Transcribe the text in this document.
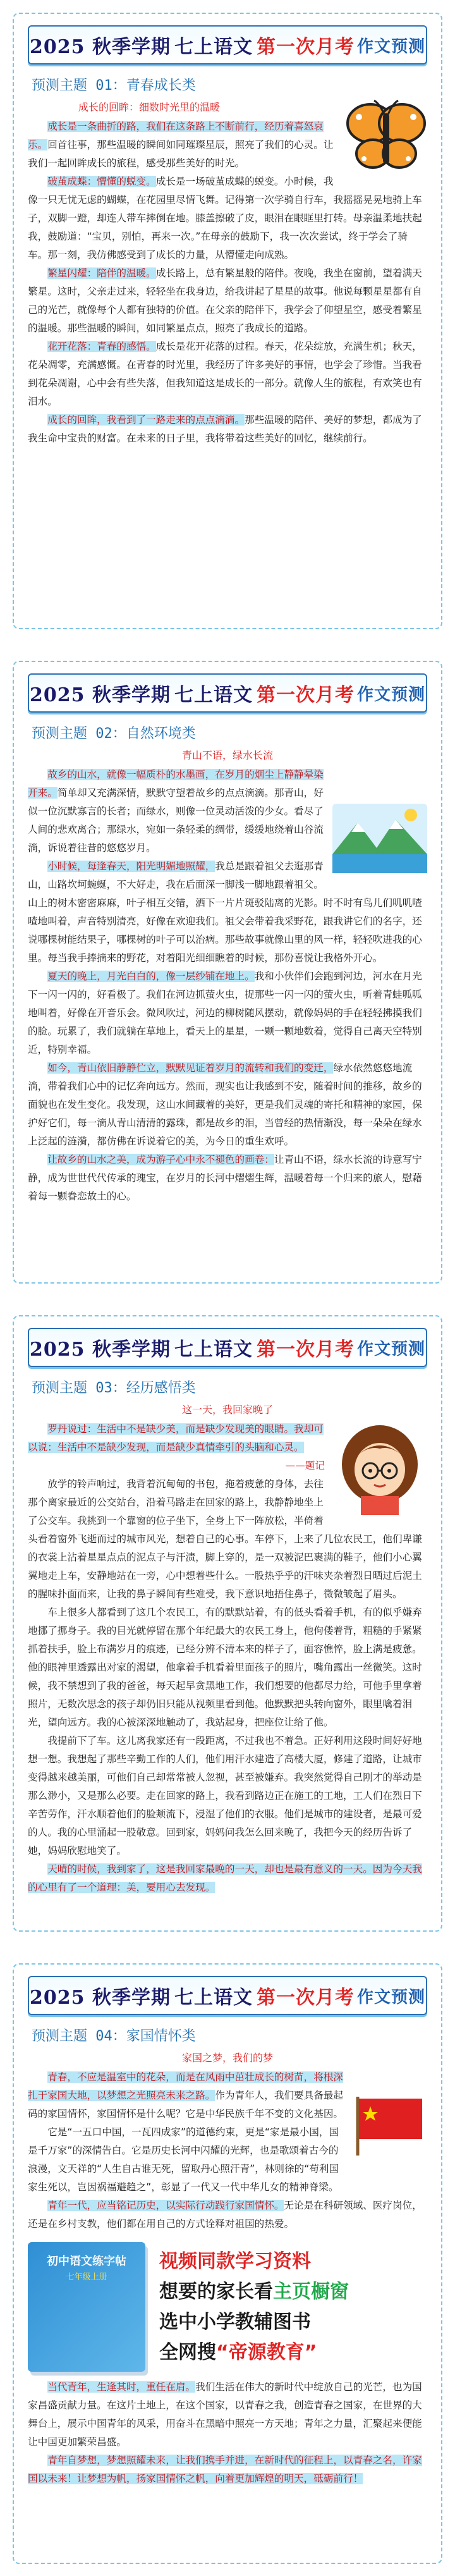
2025 秋季学期 七上语文 第一次月考 作文预测
预测主题 01：青春成长类
成长的回眸：细数时光里的温暖

成长是一条曲折的路，我们在这条路上不断前行，经历着喜怒哀乐。回首往事，那些温暖的瞬间如同璀璨星辰，照亮了我们的心灵。让我们一起回眸成长的旅程，感受那些美好的时光。

破茧成蝶：懵懂的蜕变。成长是一场破茧成蝶的蜕变。小时候，我像一只无忧无虑的蝴蝶，在花园里尽情飞舞。记得第一次学骑自行车，我摇摇晃晃地骑上车子，双脚一蹬，却连人带车摔倒在地。膝盖擦破了皮，眼泪在眼眶里打转。母亲温柔地扶起我，鼓励道：“宝贝，别怕，再来一次。”在母亲的鼓励下，我一次次尝试，终于学会了骑车。那一刻，我仿佛感受到了成长的力量，从懵懂走向成熟。

繁星闪耀：陪伴的温暖。成长路上，总有繁星般的陪伴。夜晚，我坐在窗前，望着满天繁星。这时，父亲走过来，轻轻坐在我身边，给我讲起了星星的故事。他说每颗星星都有自己的光芒，就像每个人都有独特的价值。在父亲的陪伴下，我学会了仰望星空，感受着繁星的温暖。那些温暖的瞬间，如同繁星点点，照亮了我成长的道路。

花开花落：青春的感悟。成长是花开花落的过程。春天，花朵绽放，充满生机；秋天，花朵凋零，充满感慨。在青春的时光里，我经历了许多美好的事情，也学会了珍惜。当我看到花朵凋谢，心中会有些失落，但我知道这是成长的一部分。就像人生的旅程，有欢笑也有泪水。

成长的回眸，我看到了一路走来的点点滴滴。那些温暖的陪伴、美好的梦想，都成为了我生命中宝贵的财富。在未来的日子里，我将带着这些美好的回忆，继续前行。

2025 秋季学期 七上语文 第一次月考 作文预测
预测主题 02：自然环境类
青山不语，绿水长流

故乡的山水，就像一幅质朴的水墨画，在岁月的烟尘上静静晕染开来。简单却又充满深情，默默守望着故乡的点点滴滴。那青山，好似一位沉默寡言的长者；而绿水，则像一位灵动活泼的少女。看尽了人间的悲欢离合；那绿水，宛如一条轻柔的绸带，缓缓地绕着山谷流淌，诉说着往昔的悠悠岁月。

小时候，每逢春天，阳光明媚地照耀，我总是跟着祖父去逛那青山，山路坎坷蜿蜒，不大好走，我在后面深一脚浅一脚地跟着祖父。山上的树木密密麻麻，叶子相互交错，洒下一片片斑驳陆离的光影。时不时有鸟儿们叽叽喳喳地叫着，声音特别清亮，好像在欢迎我们。祖父会带着我采野花，跟我讲它们的名字，还说哪棵树能结果子，哪棵树的叶子可以治病。那些故事就像山里的风一样，轻轻吹进我的心里。每当我手捧摘来的野花，对着阳光细细瞧着的时候，那份喜悦让我格外开心。

夏天的晚上，月光白白的，像一层纱铺在地上。我和小伙伴们会跑到河边，河水在月光下一闪一闪的，好看极了。我们在河边抓萤火虫，捉那些一闪一闪的萤火虫，听着青蛙呱呱地叫着，好像在开音乐会。微风吹过，河边的柳树随风摆动，就像妈妈的手在轻轻拂摸我们的脸。玩累了，我们就躺在草地上，看天上的星星，一颗一颗地数着，觉得自己离天空特别近，特别幸福。

如今，青山依旧静静伫立，默默见证着岁月的流转和我们的变迁，绿水依然悠悠地流淌，带着我们心中的记忆奔向远方。然而，现实也让我感到不安，随着时间的推移，故乡的面貌也在发生变化。我发现，这山水间藏着的美好，更是我们灵魂的寄托和精神的家园，保护好它们，每一滴从青山清清的露珠，都是故乡的泪，当曾经的热情渐没，每一朵朵在绿水上泛起的涟漪，都仿佛在诉说着它的美，为今日的重生欢呼。

让故乡的山水之美，成为游子心中永不褪色的画卷：让青山不语，绿水长流的诗意写宁静，成为世世代代传承的瑰宝，在岁月的长河中熠熠生辉，温暖着每一个归来的旅人，慰藉着每一颗眷恋故土的心。

2025 秋季学期 七上语文 第一次月考 作文预测
预测主题 03：经历感悟类
这一天，我回家晚了

罗丹说过：生活中不是缺少美，而是缺少发现美的眼睛。我却可以说：生活中不是缺少发现，而是缺少真情牵引的头脑和心灵。

——题记

放学的铃声响过，我背着沉甸甸的书包，拖着疲惫的身体，去往那个离家最近的公交站台，沿着马路走在回家的路上，我静静地坐上了公交车。我挑到一个靠窗的位子坐下，全身上下一阵放松，半倚着头看着窗外飞逝而过的城市风光，想着自己的心事。车停下，上来了几位农民工，他们卑谦的衣裳上沾着星星点点的泥点子与汗渍，脚上穿的，是一双被泥巴裹满的鞋子，他们小心翼翼地走上车，安静地站在一旁，心中想着些什么。一股热乎乎的汗味夹杂着烈日晒过后泥土的腥味扑面而来，让我的鼻子瞬间有些难受，我下意识地捂住鼻子，微微皱起了眉头。

车上很多人都看到了这几个农民工，有的默默站着，有的低头看着手机，有的似乎嫌弃地挪了挪身子。我的目光就停留在那个年纪最大的农民工身上，他佝偻着背，粗糙的手紧紧抓着扶手，脸上布满岁月的痕迹，已经分辨不清本来的样子了，面容憔悴，脸上满是疲惫。他的眼神里透露出对家的渴望，他拿着手机看着里面孩子的照片，嘴角露出一丝微笑。这时候，我不禁想到了我的爸爸，每天起早贪黑地工作，我们想要的他都尽力给，可他手里拿着照片，无数次思念的孩子却仍旧只能从视频里看到他。他默默把头转向窗外，眼里噙着泪光，望向远方。我的心被深深地触动了，我站起身，把座位让给了他。

我提前下了车。这儿离我家还有一段距离，不过我也不着急。正好利用这段时间好好地想一想。我想起了那些辛勤工作的人们，他们用汗水建造了高楼大厦，修建了道路，让城市变得越来越美丽，可他们自己却常常被人忽视，甚至被嫌弃。我突然觉得自己刚才的举动是那么渺小，又是那么必要。走在回家的路上，我看到路边正在施工的工地，工人们在烈日下辛苦劳作，汗水顺着他们的脸颊流下，浸湿了他们的衣服。他们是城市的建设者，是最可爱的人。我的心里涌起一股敬意。回到家，妈妈问我怎么回来晚了，我把今天的经历告诉了她，妈妈欣慰地笑了。

天晴的时候，我到家了，这是我回家最晚的一天，却也是最有意义的一天。因为今天我的心里有了一个道理：美，要用心去发现。

2025 秋季学期 七上语文 第一次月考 作文预测
预测主题 04：家国情怀类
家国之梦，我们的梦

青春，不应是温室中的花朵，而是在风雨中茁壮成长的树苗，将根深扎于家国大地，以梦想之光照亮未来之路。作为青年人，我们要具备最起码的家国情怀，家国情怀是什么呢？它是中华民族千年不变的文化基因。

它是“一五口中国，一瓦四成家”的道德约束，更是“家是最小国，国是千万家”的深情告白。它是历史长河中闪耀的光辉，也是歌颂着古今的浪漫，文天祥的“人生自古谁无死，留取丹心照汗青”，林则徐的“苟利国家生死以，岂因祸福避趋之”，彰显了一代又一代中华儿女的精神脊梁。

青年一代，应当铭记历史，以实际行动践行家国情怀。无论是在科研领域、医疗岗位，还是在乡村支教，他们都在用自己的方式诠释对祖国的热爱。

初中语文练字帖
七年级上册
视频同款学习资料
想要的家长看主页橱窗
选中小学教辅图书
全网搜“帝源教育”

当代青年，生逢其时，重任在肩。我们生活在伟大的新时代中绽放自己的光芒，也为国家昌盛贡献力量。在这片土地上，在这个国家，以青春之我，创造青春之国家，在世界的大舞台上，展示中国青年的风采，用奋斗在黑暗中照亮一方天地；青年之力量，汇聚起来便能让中国更加繁荣昌盛。

青年自梦想，梦想照耀未来，让我们携手并进，在新时代的征程上，以青春之名，许家国以未来！让梦想为帆，扬家国情怀之帆，向着更加辉煌的明天，砥砺前行！
